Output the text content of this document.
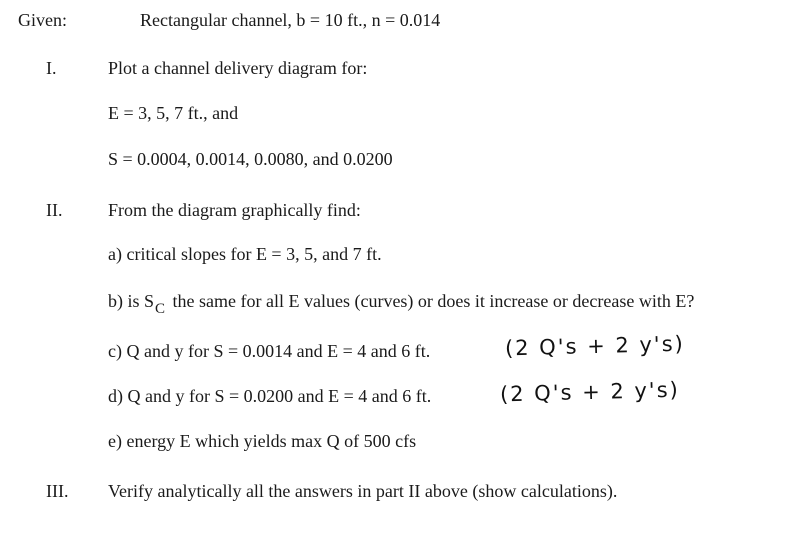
Given:	Rectangular channel, b = 10 ft., n = 0.014
I.	Plot a channel delivery diagram for:
E = 3, 5, 7 ft., and
S = 0.0004, 0.0014, 0.0080, and 0.0200
II.	From the diagram graphically find:
a) critical slopes for E = 3, 5, and 7 ft.
b) is $S_C$ the same for all E values (curves) or does it increase or decrease with E?
c) Q and y for S = 0.0014 and E = 4 and 6 ft.	(2 Q's + 2 y's)
d) Q and y for S = 0.0200 and E = 4 and 6 ft.	(2 Q's + 2 y's)
e) energy E which yields max Q of 500 cfs
III. Verify analytically all the answers in part II above (show calculations).
